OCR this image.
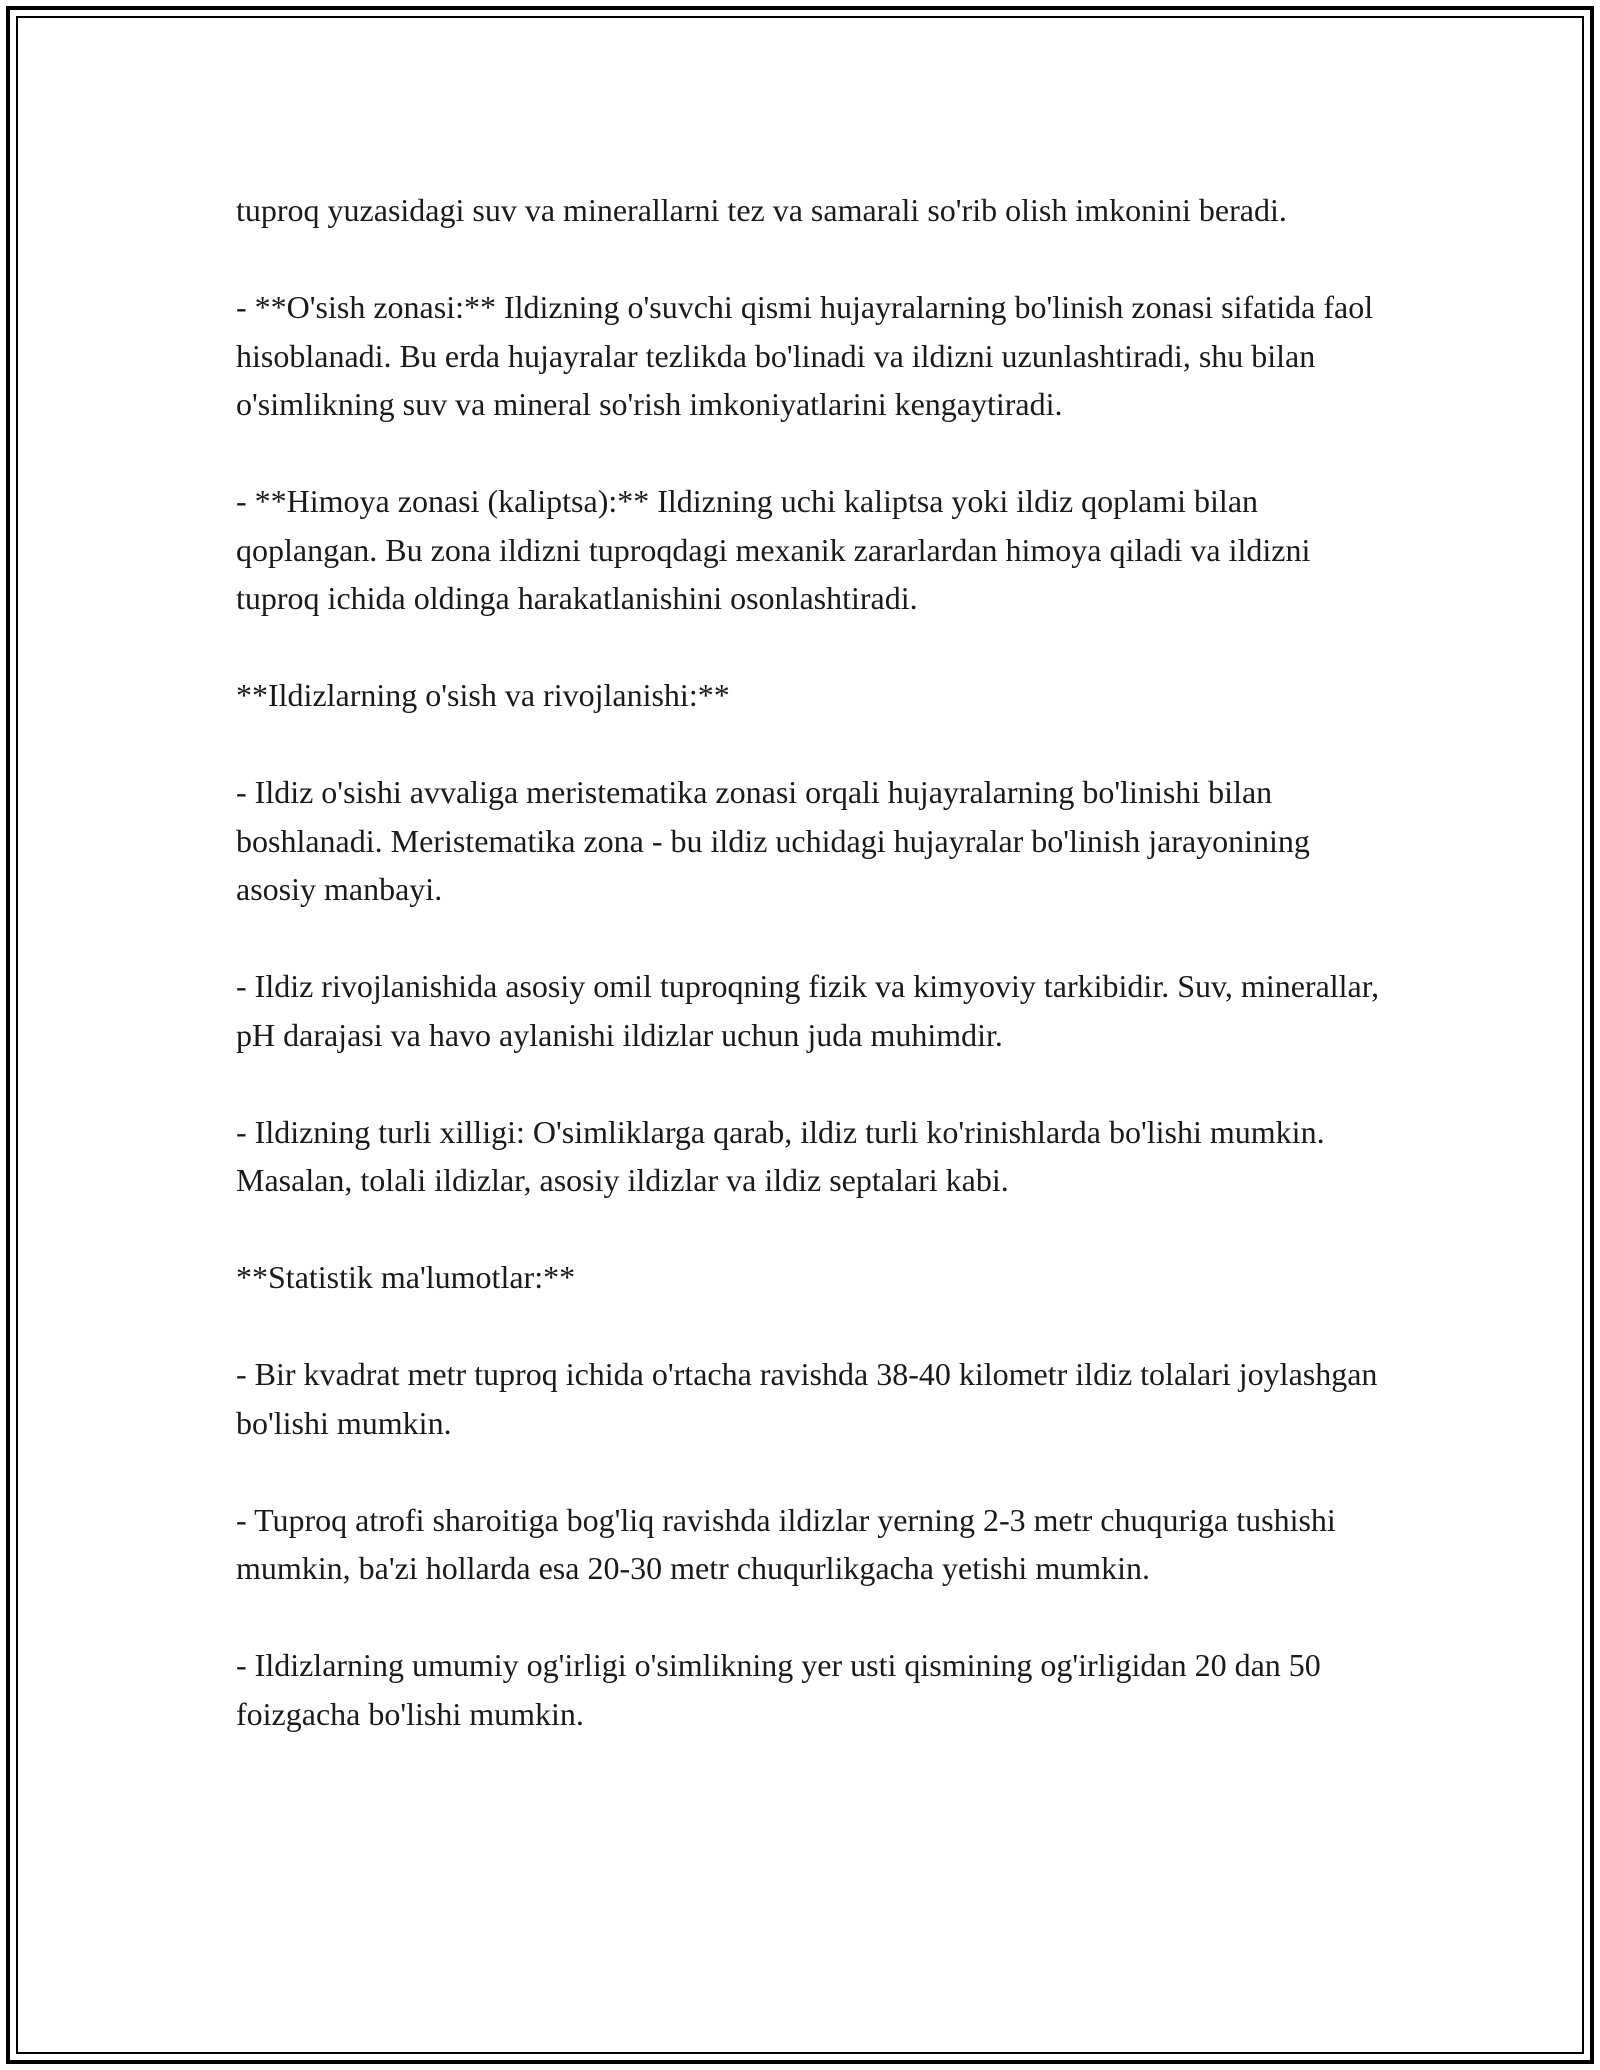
tuproq yuzasidagi suv va minerallarni tez va samarali so'rib olish imkonini beradi.

- **O'sish zonasi:** Ildizning o'suvchi qismi hujayralarning bo'linish zonasi sifatida faol hisoblanadi. Bu erda hujayralar tezlikda bo'linadi va ildizni uzunlashtiradi, shu bilan o'simlikning suv va mineral so'rish imkoniyatlarini kengaytiradi.

- **Himoya zonasi (kaliptsa):** Ildizning uchi kaliptsa yoki ildiz qoplami bilan qoplangan. Bu zona ildizni tuproqdagi mexanik zararlardan himoya qiladi va ildizni tuproq ichida oldinga harakatlanishini osonlashtiradi.

**Ildizlarning o'sish va rivojlanishi:**

- Ildiz o'sishi avvaliga meristematika zonasi orqali hujayralarning bo'linishi bilan boshlanadi. Meristematika zona - bu ildiz uchidagi hujayralar bo'linish jarayonining asosiy manbayi.

- Ildiz rivojlanishida asosiy omil tuproqning fizik va kimyoviy tarkibidir. Suv, minerallar, pH darajasi va havo aylanishi ildizlar uchun juda muhimdir.

- Ildizning turli xilligi: O'simliklarga qarab, ildiz turli ko'rinishlarda bo'lishi mumkin. Masalan, tolali ildizlar, asosiy ildizlar va ildiz septalari kabi.

**Statistik ma'lumotlar:**

- Bir kvadrat metr tuproq ichida o'rtacha ravishda 38-40 kilometr ildiz tolalari joylashgan bo'lishi mumkin.

- Tuproq atrofi sharoitiga bog'liq ravishda ildizlar yerning 2-3 metr chuquriga tushishi mumkin, ba'zi hollarda esa 20-30 metr chuqurlikgacha yetishi mumkin.

- Ildizlarning umumiy og'irligi o'simlikning yer usti qismining og'irligidan 20 dan 50 foizgacha bo'lishi mumkin.
